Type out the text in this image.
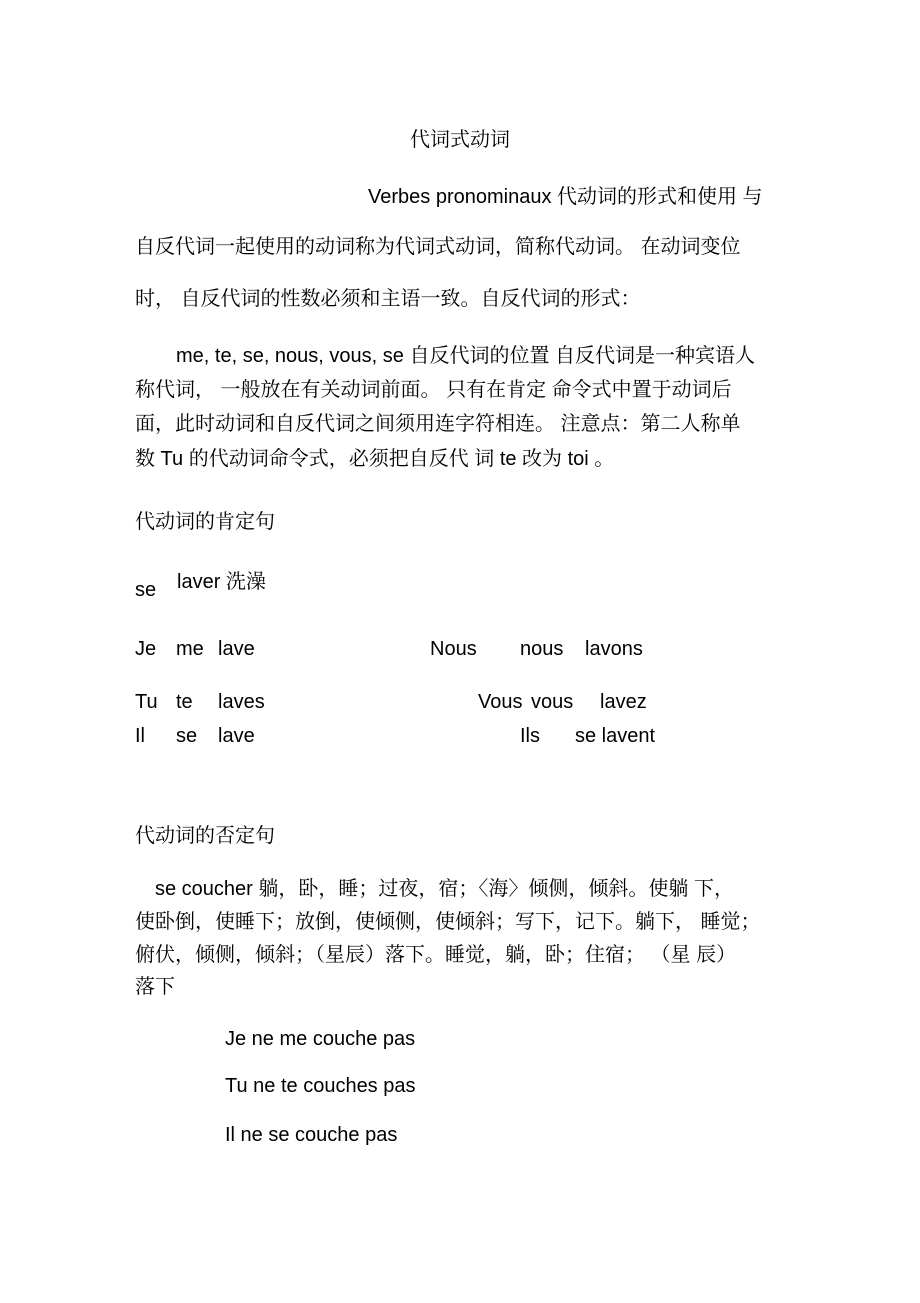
代词式动词
Verbes pronominaux 代动词的形式和使用 与
自反代词一起使用的动词称为代词式动词，简称代动词。 在动词变位
时， 自反代词的性数必须和主语一致。自反代词的形式：
me, te, se, nous, vous, se 自反代词的位置 自反代词是一种宾语人
称代词， 一般放在有关动词前面。 只有在肯定 命令式中置于动词后
面，此时动词和自反代词之间须用连字符相连。 注意点：第二人称单
数 Tu 的代动词命令式，必须把自反代 词 te 改为 toi 。
代动词的肯定句
se laver 洗澡
Je me lave	Nous nous lavons
Tu te laves	Vous vous lavez
Il se lave	Ils se lavent
代动词的否定句
se coucher 躺，卧，睡；过夜，宿；〈海〉倾侧，倾斜。使躺 下，
使卧倒，使睡下；放倒，使倾侧，使倾斜；写下，记下。躺下， 睡觉；
俯伏，倾侧，倾斜；（星辰）落下。睡觉，躺，卧；住宿； （星 辰）
落下
Je ne me couche pas
Tu ne te couches pas
Il ne se couche pas
